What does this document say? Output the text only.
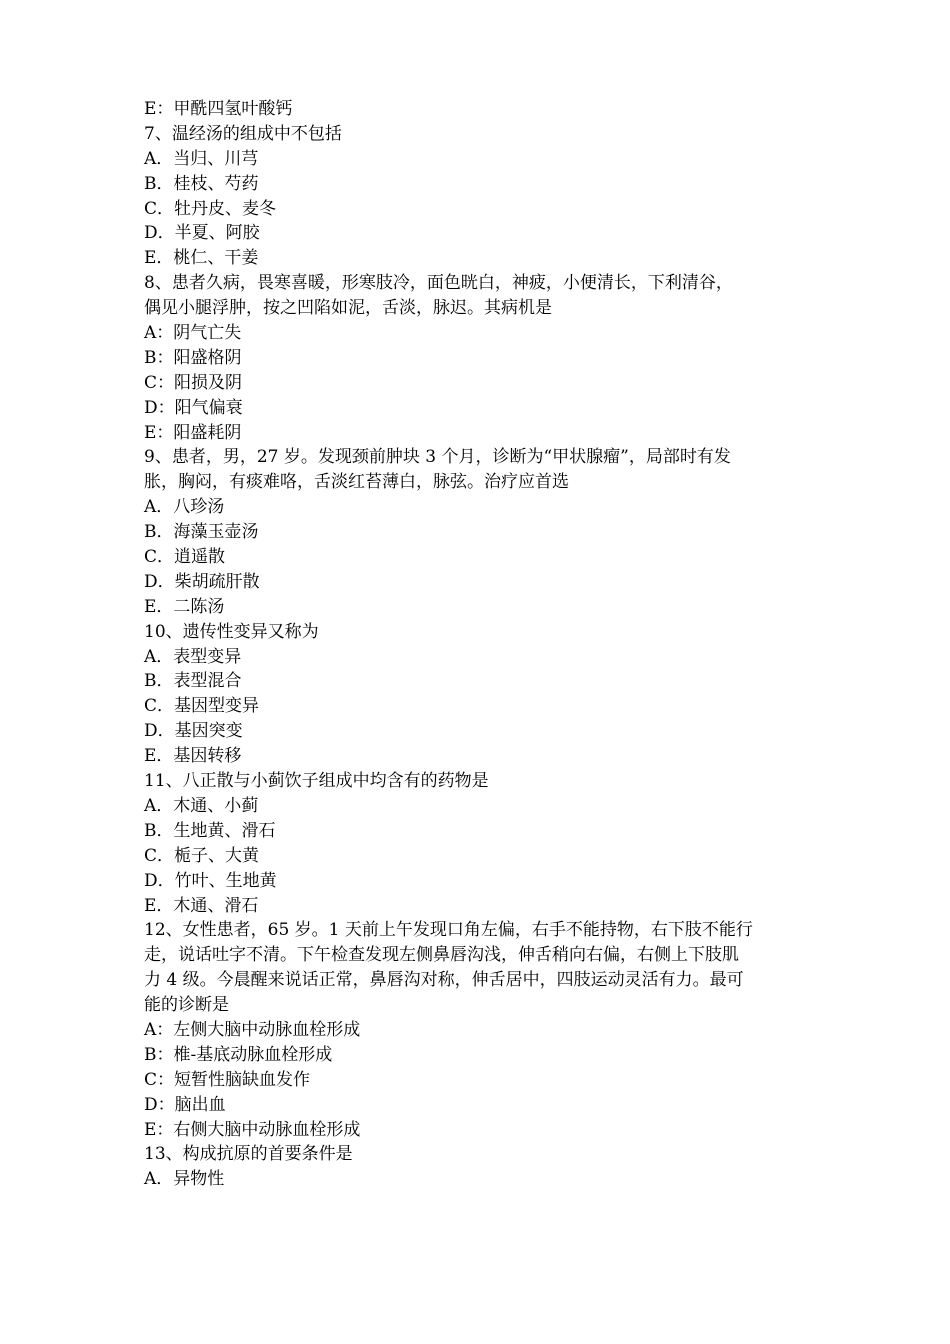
E：甲酰四氢叶酸钙
7、温经汤的组成中不包括
A．当归、川芎
B．桂枝、芍药
C．牡丹皮、麦冬
D．半夏、阿胶
E．桃仁、干姜
8、患者久病，畏寒喜暖，形寒肢冷，面色晄白，神疲，小便清长，下利清谷，
偶见小腿浮肿，按之凹陷如泥，舌淡，脉迟。其病机是
A：阴气亡失
B：阳盛格阴
C：阳损及阴
D：阳气偏衰
E：阳盛耗阴
9、患者，男，27 岁。发现颈前肿块 3 个月，诊断为“甲状腺瘤”，局部时有发
胀，胸闷，有痰难咯，舌淡红苔薄白，脉弦。治疗应首选
A．八珍汤
B．海藻玉壶汤
C．逍遥散
D．柴胡疏肝散
E．二陈汤
10、遗传性变异又称为
A．表型变异
B．表型混合
C．基因型变异
D．基因突变
E．基因转移
11、八正散与小蓟饮子组成中均含有的药物是
A．木通、小蓟
B．生地黄、滑石
C．栀子、大黄
D．竹叶、生地黄
E．木通、滑石
12、女性患者，65 岁。1 天前上午发现口角左偏，右手不能持物，右下肢不能行
走，说话吐字不清。下午检查发现左侧鼻唇沟浅，伸舌稍向右偏，右侧上下肢肌
力 4 级。今晨醒来说话正常，鼻唇沟对称，伸舌居中，四肢运动灵活有力。最可
能的诊断是
A：左侧大脑中动脉血栓形成
B：椎-基底动脉血栓形成
C：短暂性脑缺血发作
D：脑出血
E：右侧大脑中动脉血栓形成
13、构成抗原的首要条件是
A．异物性
